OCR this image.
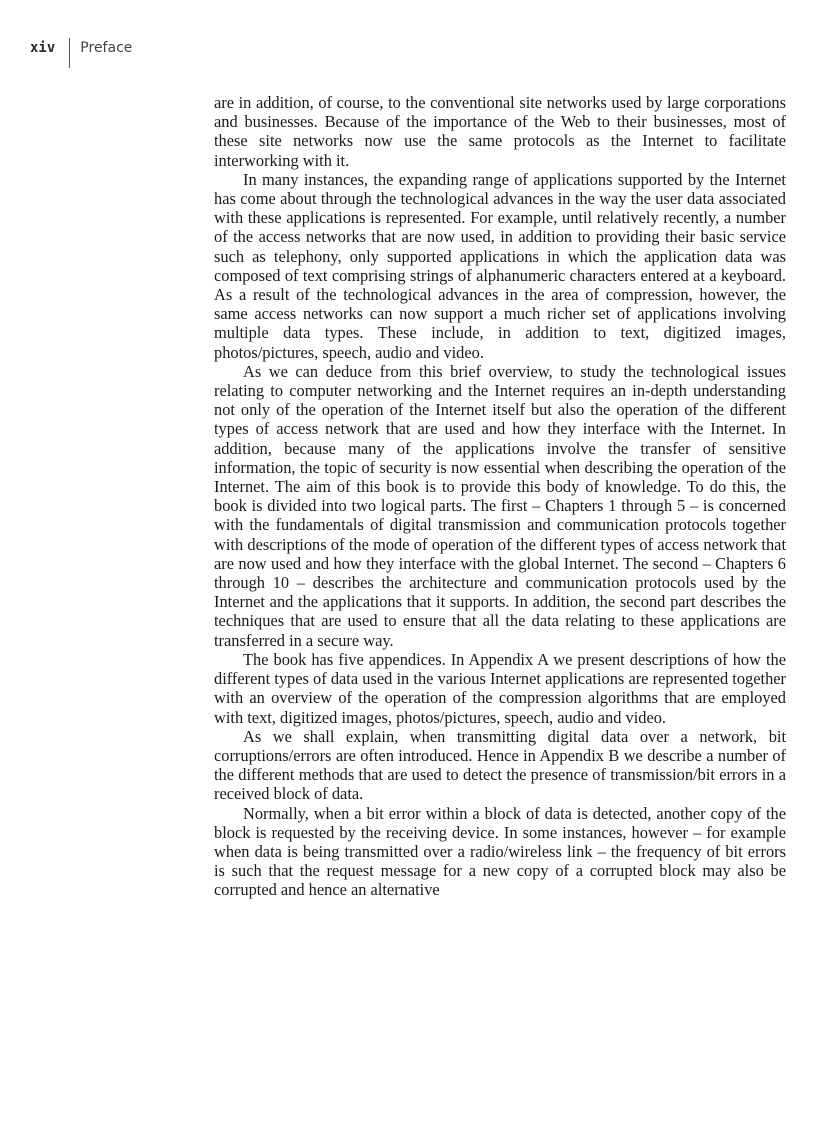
xiv Preface

are in addition, of course, to the conventional site networks used by large corporations and businesses. Because of the importance of the Web to their businesses, most of these site networks now use the same protocols as the Internet to facilitate interworking with it.

In many instances, the expanding range of applications supported by the Internet has come about through the technological advances in the way the user data associated with these applications is represented. For example, until relatively recently, a number of the access networks that are now used, in addition to providing their basic service such as telephony, only supported applications in which the application data was composed of text comprising strings of alphanumeric characters entered at a keyboard. As a result of the technological advances in the area of compression, however, the same access networks can now support a much richer set of applications involving multiple data types. These include, in addition to text, digitized images, photos/pictures, speech, audio and video.

As we can deduce from this brief overview, to study the technological issues relating to computer networking and the Internet requires an in-depth understanding not only of the operation of the Internet itself but also the operation of the different types of access network that are used and how they interface with the Internet. In addition, because many of the applications involve the transfer of sensitive information, the topic of security is now essential when describing the operation of the Internet. The aim of this book is to provide this body of knowledge. To do this, the book is divided into two logical parts. The first – Chapters 1 through 5 – is concerned with the fundamentals of digital transmission and communication protocols together with descriptions of the mode of operation of the different types of access network that are now used and how they interface with the global Internet. The second – Chapters 6 through 10 – describes the architecture and communication protocols used by the Internet and the applications that it supports. In addition, the second part describes the techniques that are used to ensure that all the data relating to these applications are transferred in a secure way.

The book has five appendices. In Appendix A we present descriptions of how the different types of data used in the various Internet applications are represented together with an overview of the operation of the compression algorithms that are employed with text, digitized images, photos/pictures, speech, audio and video.

As we shall explain, when transmitting digital data over a network, bit corruptions/errors are often introduced. Hence in Appendix B we describe a number of the different methods that are used to detect the presence of transmission/bit errors in a received block of data.

Normally, when a bit error within a block of data is detected, another copy of the block is requested by the receiving device. In some instances, however – for example when data is being transmitted over a radio/wireless link – the frequency of bit errors is such that the request message for a new copy of a corrupted block may also be corrupted and hence an alternative
